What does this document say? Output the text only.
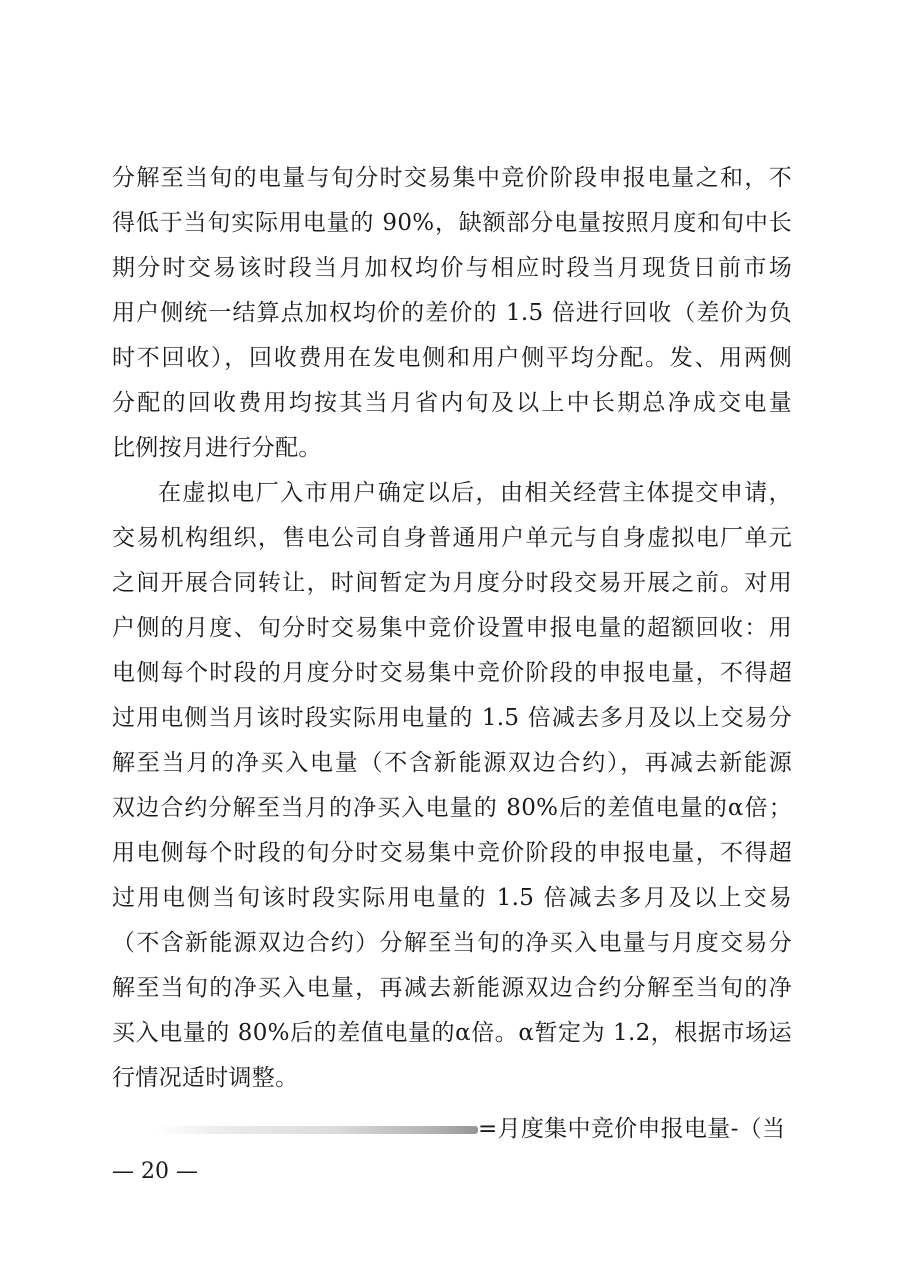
分解至当旬的电量与旬分时交易集中竞价阶段申报电量之和，不
得低于当旬实际用电量的 90%，缺额部分电量按照月度和旬中长
期分时交易该时段当月加权均价与相应时段当月现货日前市场
用户侧统一结算点加权均价的差价的 1.5 倍进行回收（差价为负
时不回收），回收费用在发电侧和用户侧平均分配。发、用两侧
分配的回收费用均按其当月省内旬及以上中长期总净成交电量
比例按月进行分配。
在虚拟电厂入市用户确定以后，由相关经营主体提交申请，
交易机构组织，售电公司自身普通用户单元与自身虚拟电厂单元
之间开展合同转让，时间暂定为月度分时段交易开展之前。对用
户侧的月度、旬分时交易集中竞价设置申报电量的超额回收：用
电侧每个时段的月度分时交易集中竞价阶段的申报电量，不得超
过用电侧当月该时段实际用电量的 1.5 倍减去多月及以上交易分
解至当月的净买入电量（不含新能源双边合约），再减去新能源
双边合约分解至当月的净买入电量的 80%后的差值电量的α倍；
用电侧每个时段的旬分时交易集中竞价阶段的申报电量，不得超
过用电侧当旬该时段实际用电量的 1.5 倍减去多月及以上交易
（不含新能源双边合约）分解至当旬的净买入电量与月度交易分
解至当旬的净买入电量，再减去新能源双边合约分解至当旬的净
买入电量的 80%后的差值电量的α倍。α暂定为 1.2，根据市场运
行情况适时调整。
=月度集中竞价申报电量-（当
— 20 —
